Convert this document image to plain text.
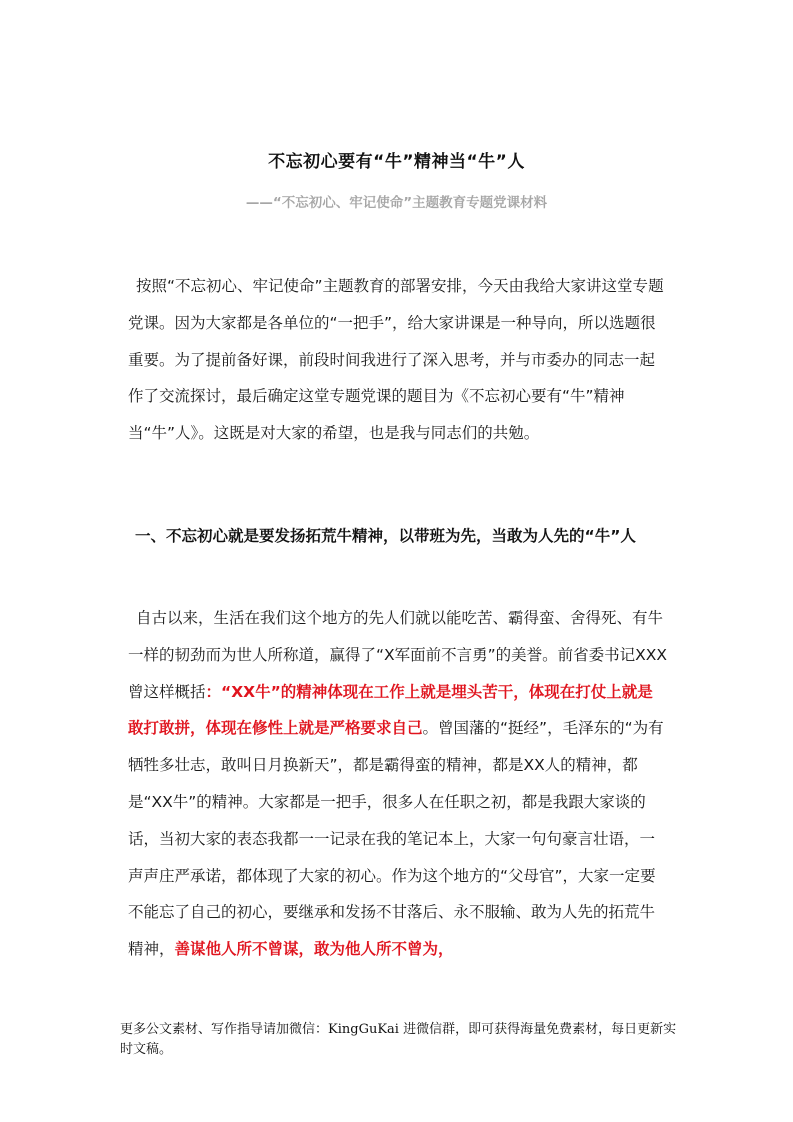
不忘初心要有“牛”精神当“牛”人
——“不忘初心、牢记使命”主题教育专题党课材料

按照“不忘初心、牢记使命”主题教育的部署安排，今天由我给大家讲这堂专题党课。因为大家都是各单位的“一把手”，给大家讲课是一种导向，所以选题很重要。为了提前备好课，前段时间我进行了深入思考，并与市委办的同志一起作了交流探讨，最后确定这堂专题党课的题目为《不忘初心要有“牛”精神当“牛”人》。这既是对大家的希望，也是我与同志们的共勉。

一、不忘初心就是要发扬拓荒牛精神，以带班为先，当敢为人先的“牛”人

自古以来，生活在我们这个地方的先人们就以能吃苦、霸得蛮、舍得死、有牛一样的韧劲而为世人所称道，赢得了“X军面前不言勇”的美誉。前省委书记XXX曾这样概括：“XX牛”的精神体现在工作上就是埋头苦干，体现在打仗上就是敢打敢拼，体现在修性上就是严格要求自己。曾国藩的“挺经”，毛泽东的“为有牺牲多壮志，敢叫日月换新天”，都是霸得蛮的精神，都是XX人的精神，都是“XX牛”的精神。大家都是一把手，很多人在任职之初，都是我跟大家谈的话，当初大家的表态我都一一记录在我的笔记本上，大家一句句豪言壮语，一声声庄严承诺，都体现了大家的初心。作为这个地方的“父母官”，大家一定要不能忘了自己的初心，要继承和发扬不甘落后、永不服输、敢为人先的拓荒牛精神，善谋他人所不曾谋，敢为他人所不曾为，

更多公文素材、写作指导请加微信：KingGuKai 进微信群，即可获得海量免费素材，每日更新实时文稿。
